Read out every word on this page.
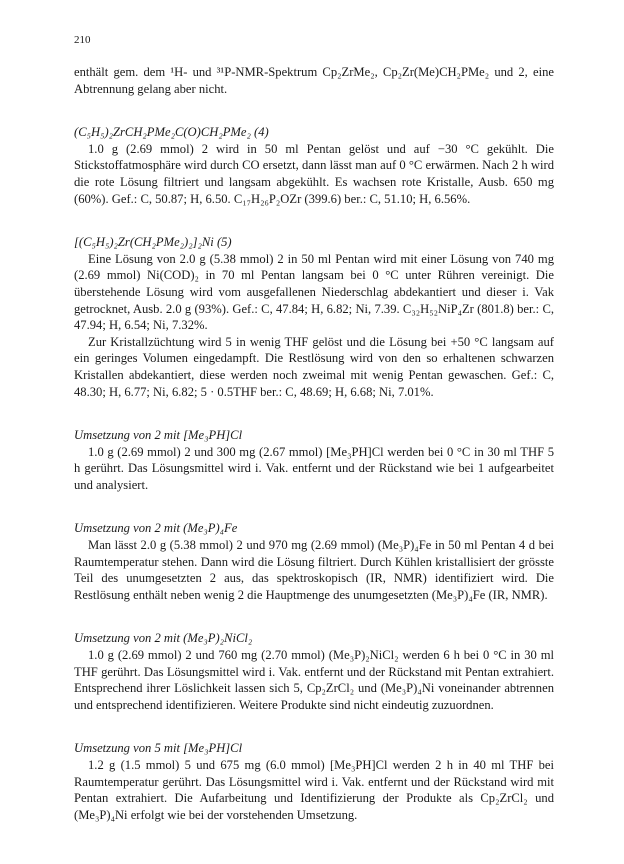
210

enthält gem. dem ¹H- und ³¹P-NMR-Spektrum Cp₂ZrMe₂, Cp₂Zr(Me)CH₂PMe₂ und 2, eine Abtrennung gelang aber nicht.

(C₅H₅)₂ZrCH₂PMe₂C(O)CH₂PMe₂ (4)

1.0 g (2.69 mmol) 2 wird in 50 ml Pentan gelöst und auf −30 °C gekühlt. Die Stickstoffatmosphäre wird durch CO ersetzt, dann lässt man auf 0 °C erwärmen. Nach 2 h wird die rote Lösung filtriert und langsam abgekühlt. Es wachsen rote Kristalle, Ausb. 650 mg (60%). Gef.: C, 50.87; H, 6.50. C₁₇H₂₆P₂OZr (399.6) ber.: C, 51.10; H, 6.56%.

[(C₅H₅)₂Zr(CH₂PMe₂)₂]₂Ni (5)

Eine Lösung von 2.0 g (5.38 mmol) 2 in 50 ml Pentan wird mit einer Lösung von 740 mg (2.69 mmol) Ni(COD)₂ in 70 ml Pentan langsam bei 0 °C unter Rühren vereinigt. Die überstehende Lösung wird vom ausgefallenen Niederschlag abdekantiert und dieser i. Vak getrocknet, Ausb. 2.0 g (93%). Gef.: C, 47.84; H, 6.82; Ni, 7.39. C₃₂H₅₂NiP₄Zr (801.8) ber.: C, 47.94; H, 6.54; Ni, 7.32%.

Zur Kristallzüchtung wird 5 in wenig THF gelöst und die Lösung bei +50 °C langsam auf ein geringes Volumen eingedampft. Die Restlösung wird von den so erhaltenen schwarzen Kristallen abdekantiert, diese werden noch zweimal mit wenig Pentan gewaschen. Gef.: C, 48.30; H, 6.77; Ni, 6.82; 5 · 0.5THF ber.: C, 48.69; H, 6.68; Ni, 7.01%.

Umsetzung von 2 mit [Me₃PH]Cl

1.0 g (2.69 mmol) 2 und 300 mg (2.67 mmol) [Me₃PH]Cl werden bei 0 °C in 30 ml THF 5 h gerührt. Das Lösungsmittel wird i. Vak. entfernt und der Rückstand wie bei 1 aufgearbeitet und analysiert.

Umsetzung von 2 mit (Me₃P)₄Fe

Man lässt 2.0 g (5.38 mmol) 2 und 970 mg (2.69 mmol) (Me₃P)₄Fe in 50 ml Pentan 4 d bei Raumtemperatur stehen. Dann wird die Lösung filtriert. Durch Kühlen kristallisiert der grösste Teil des unumgesetzten 2 aus, das spektroskopisch (IR, NMR) identifiziert wird. Die Restlösung enthält neben wenig 2 die Hauptmenge des unumgesetzten (Me₃P)₄Fe (IR, NMR).

Umsetzung von 2 mit (Me₃P)₂NiCl₂

1.0 g (2.69 mmol) 2 und 760 mg (2.70 mmol) (Me₃P)₂NiCl₂ werden 6 h bei 0 °C in 30 ml THF gerührt. Das Lösungsmittel wird i. Vak. entfernt und der Rückstand mit Pentan extrahiert. Entsprechend ihrer Löslichkeit lassen sich 5, Cp₂ZrCl₂ und (Me₃P)₄Ni voneinander abtrennen und entsprechend identifizieren. Weitere Produkte sind nicht eindeutig zuzuordnen.

Umsetzung von 5 mit [Me₃PH]Cl

1.2 g (1.5 mmol) 5 und 675 mg (6.0 mmol) [Me₃PH]Cl werden 2 h in 40 ml THF bei Raumtemperatur gerührt. Das Lösungsmittel wird i. Vak. entfernt und der Rückstand wird mit Pentan extrahiert. Die Aufarbeitung und Identifizierung der Produkte als Cp₂ZrCl₂ und (Me₃P)₄Ni erfolgt wie bei der vorstehenden Umsetzung.
